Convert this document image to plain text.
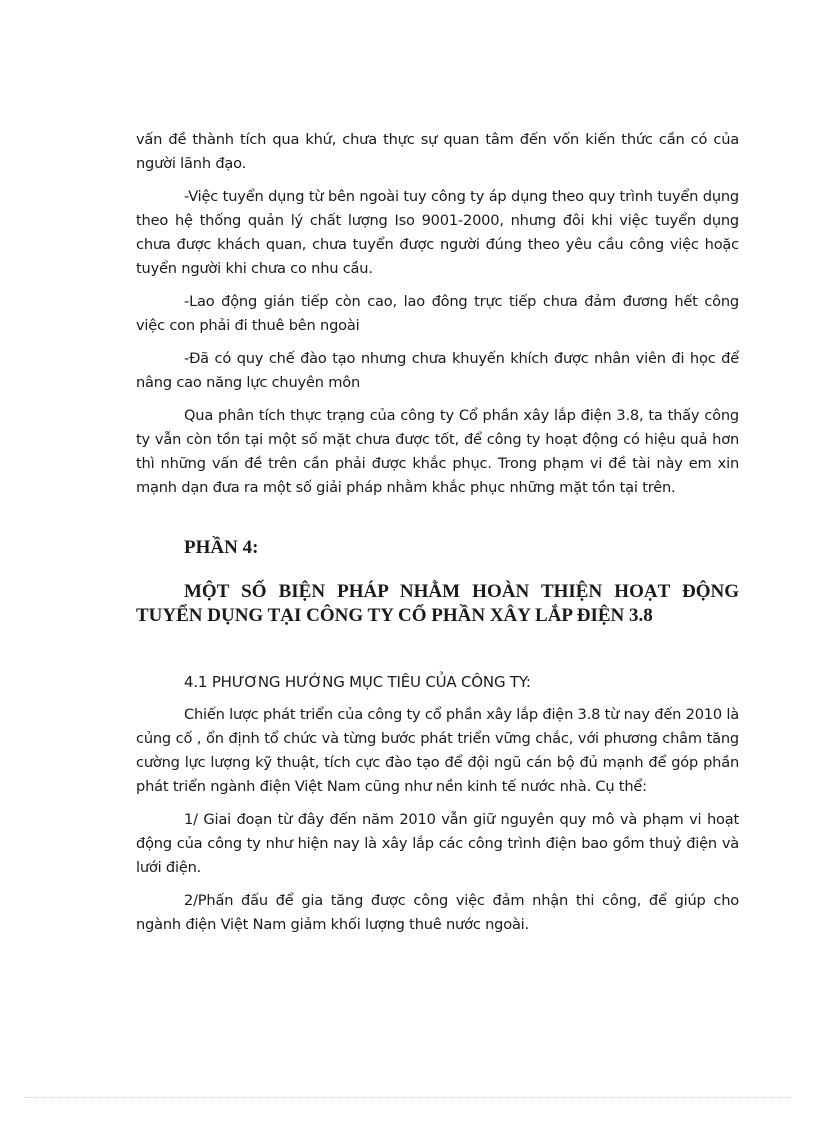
vấn đề thành tích qua khứ, chưa thực sự quan tâm đến vốn kiến thức cần có của người lãnh đạo.

-Việc tuyển dụng từ bên ngoài tuy công ty áp dụng theo quy trình tuyển dụng theo hệ thống quản lý chất lượng Iso 9001-2000, nhưng đôi khi việc tuyển dụng chưa được khách quan, chưa tuyển được người đúng theo yêu cầu công việc hoặc tuyển người khi chưa co nhu cầu.

-Lao động gián tiếp còn cao, lao đông trực tiếp chưa đảm đương hết công việc con phải đi thuê bên ngoài

-Đã có quy chế đào tạo nhưng chưa khuyến khích được nhân viên đi học để nâng cao năng lực chuyên môn

Qua phân tích thực trạng của công ty Cổ phần xây lắp điện 3.8, ta thấy công ty vẫn còn tồn tại một số mặt chưa được tốt, để công ty hoạt động có hiệu quả hơn thì những vấn đề trên cần phải được khắc phục. Trong phạm vi đề tài này em xin mạnh dạn đưa ra một số giải pháp nhằm khắc phục những mặt tồn tại trên.

PHẦN 4:
MỘT SỐ BIỆN PHÁP NHẰM HOÀN THIỆN HOẠT ĐỘNG TUYỂN DỤNG TẠI CÔNG TY CỔ PHẦN XÂY LẮP ĐIỆN 3.8
4.1 PHƯƠNG HƯỚNG MỤC TIÊU CỦA CÔNG TY:

Chiến lược phát triển của công ty cổ phần xây lắp điện 3.8 từ nay đến 2010 là củng cố , ổn định tổ chức và từng bước phát triển vững chắc, với phương châm tăng cường lực lượng kỹ thuật, tích cực đào tạo để đội ngũ cán bộ đủ mạnh để góp phần phát triển ngành điện Việt Nam cũng như nền kinh tế nước nhà. Cụ thể:

1/ Giai đoạn từ đây đến năm 2010 vẫn giữ nguyên quy mô và phạm vi hoạt động của công ty như hiện nay là xây lắp các công trình điện bao gồm thuỷ điện và lưới điện.

2/Phấn đấu để gia tăng được công việc đảm nhận thi công, để giúp cho ngành điện Việt Nam giảm khối lượng thuê nước ngoài.
